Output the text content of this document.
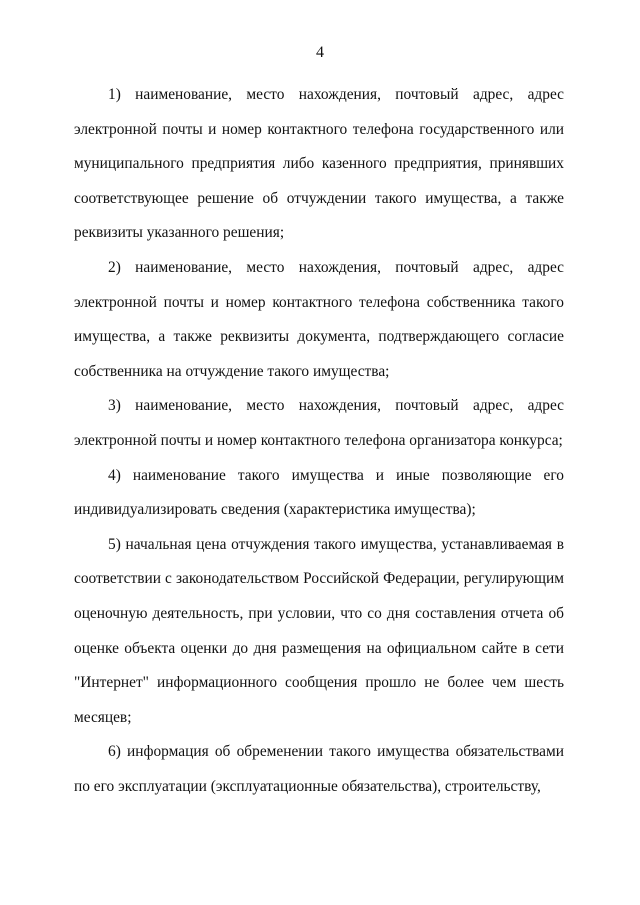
4

1) наименование, место нахождения, почтовый адрес, адрес электронной почты и номер контактного телефона государственного или муниципального предприятия либо казенного предприятия, принявших соответствующее решение об отчуждении такого имущества, а также реквизиты указанного решения;

2) наименование, место нахождения, почтовый адрес, адрес электронной почты и номер контактного телефона собственника такого имущества, а также реквизиты документа, подтверждающего согласие собственника на отчуждение такого имущества;

3) наименование, место нахождения, почтовый адрес, адрес электронной почты и номер контактного телефона организатора конкурса;

4) наименование такого имущества и иные позволяющие его индивидуализировать сведения (характеристика имущества);

5) начальная цена отчуждения такого имущества, устанавливаемая в соответствии с законодательством Российской Федерации, регулирующим оценочную деятельность, при условии, что со дня составления отчета об оценке объекта оценки до дня размещения на официальном сайте в сети "Интернет" информационного сообщения прошло не более чем шесть месяцев;

6) информация об обременении такого имущества обязательствами по его эксплуатации (эксплуатационные обязательства), строительству,
